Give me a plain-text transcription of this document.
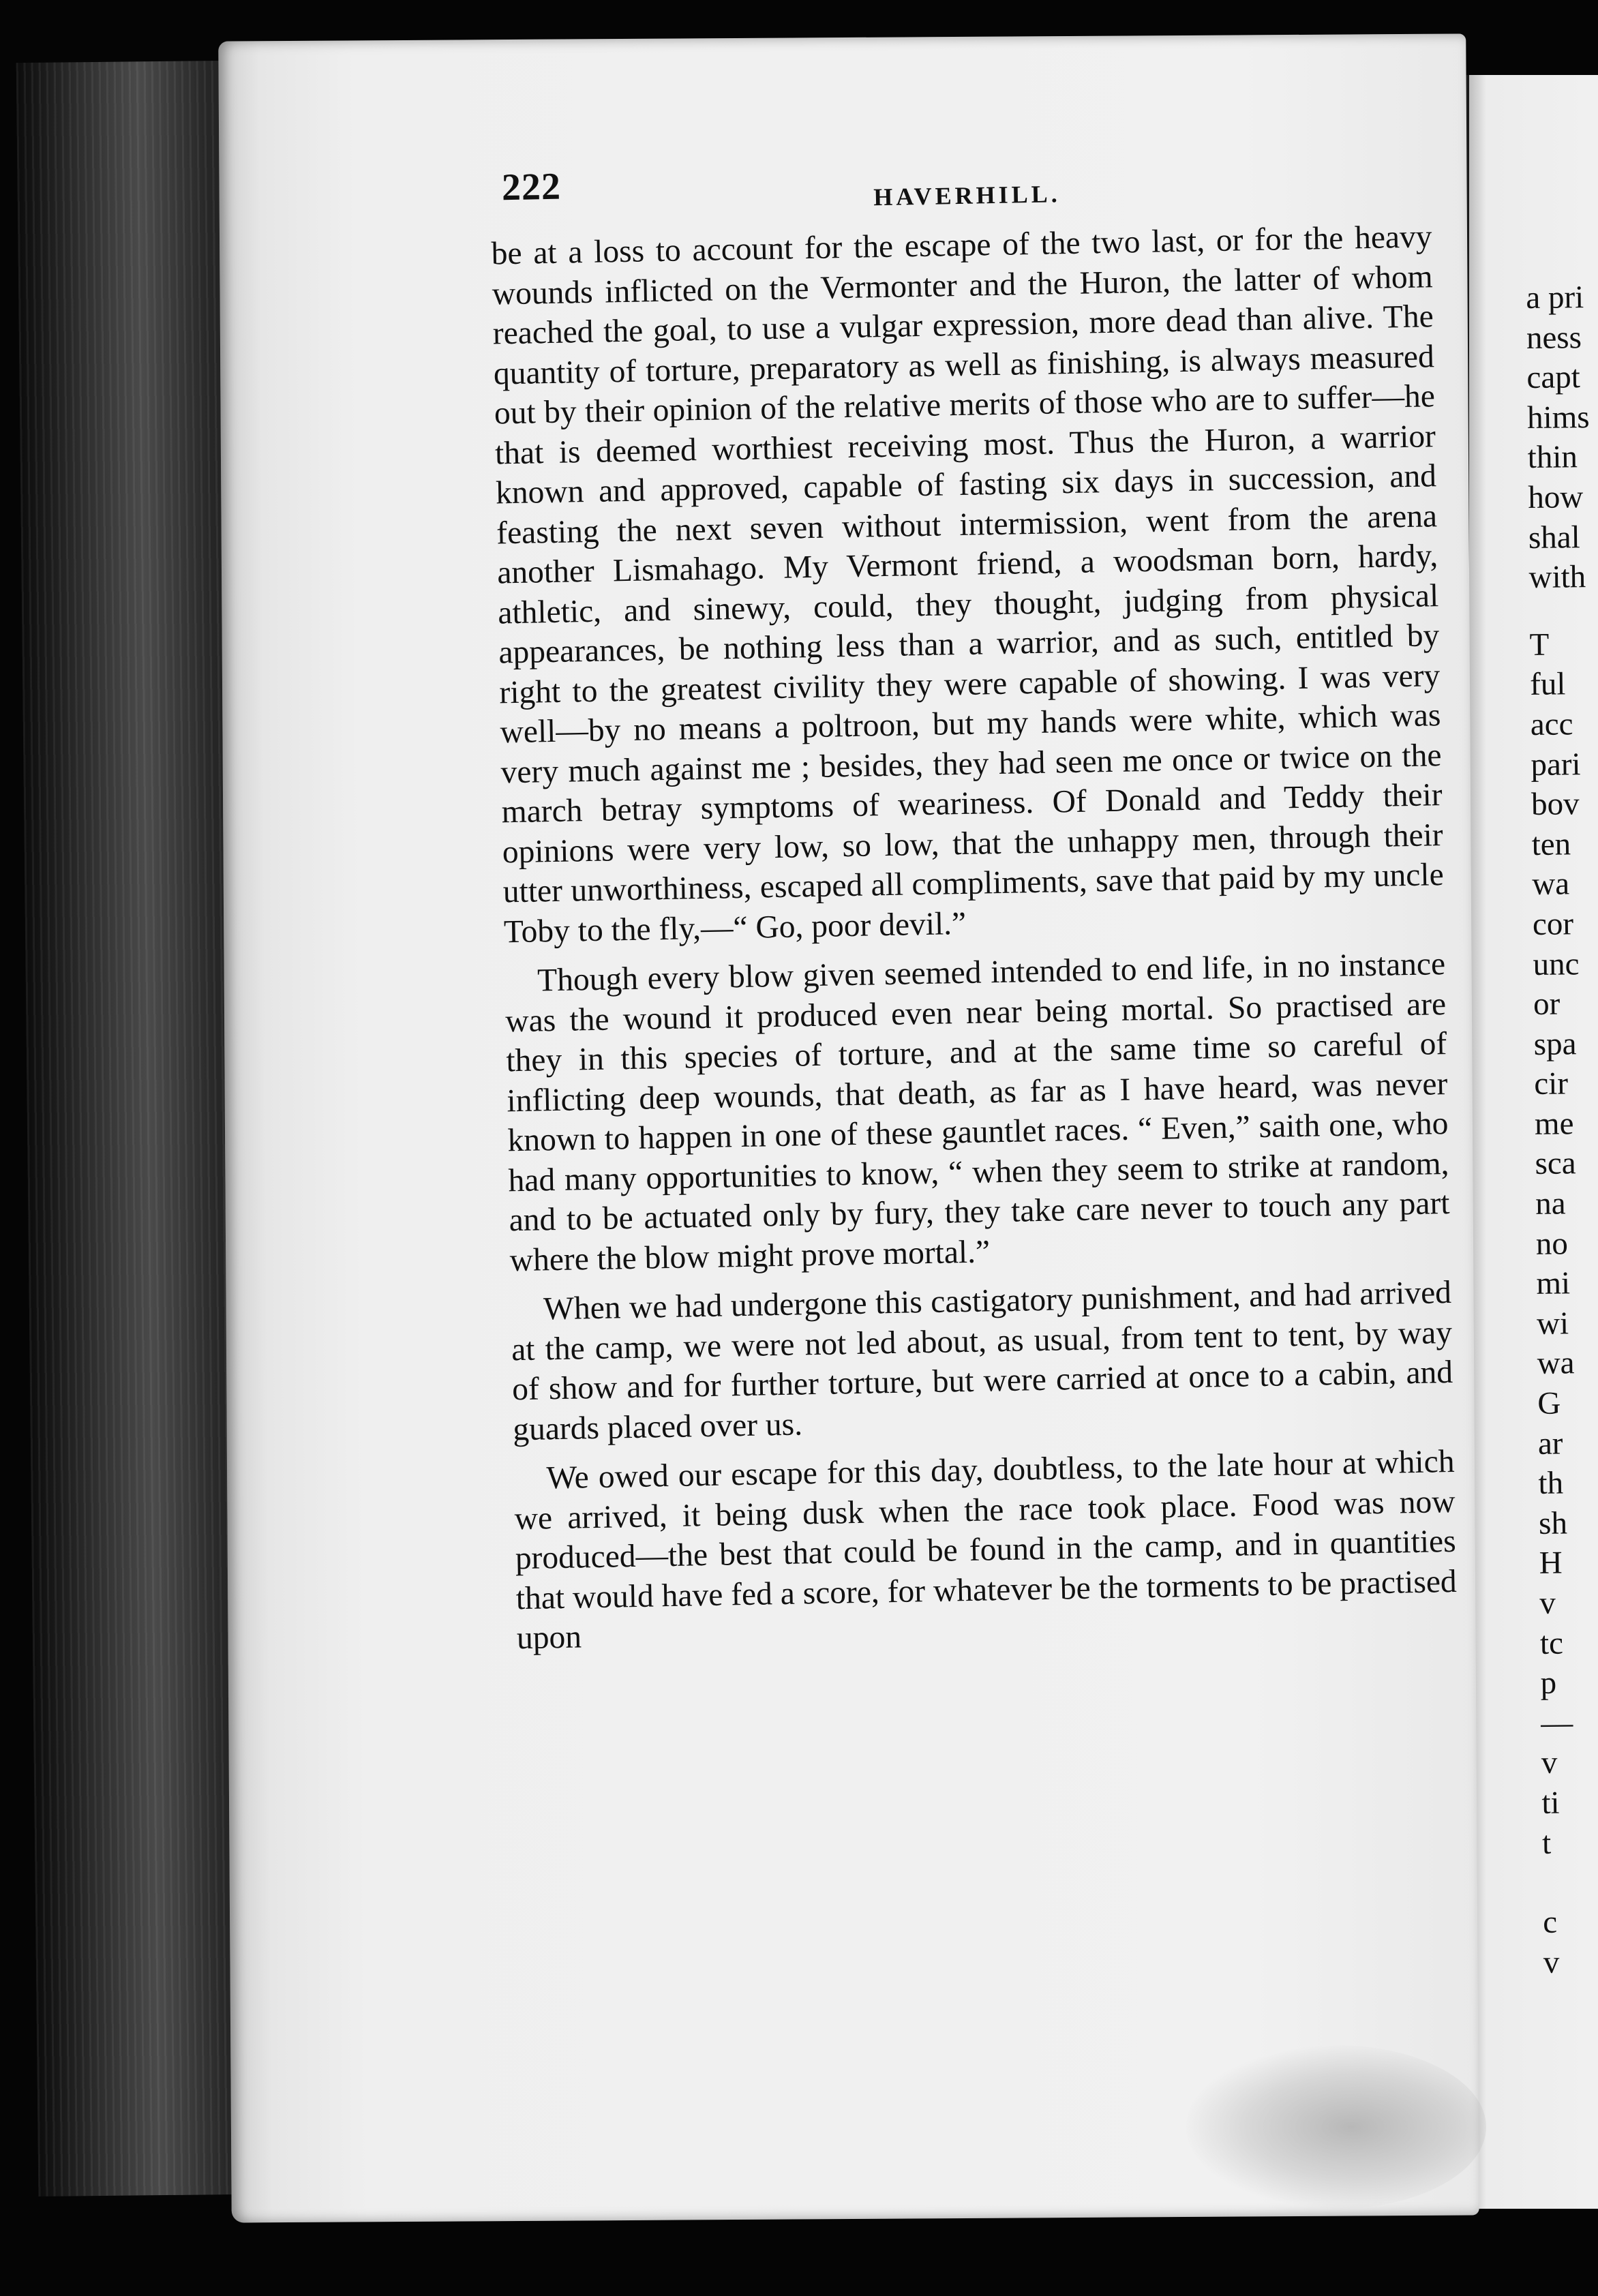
222	HAVERHILL.

be at a loss to account for the escape of the two last, or for the heavy wounds inflicted on the Vermonter and the Huron, the latter of whom reached the goal, to use a vulgar expression, more dead than alive. The quantity of torture, preparatory as well as finishing, is always measured out by their opinion of the relative merits of those who are to suffer—he that is deemed worthiest receiving most. Thus the Huron, a warrior known and approved, capable of fasting six days in succession, and feasting the next seven without intermission, went from the arena another Lismahago. My Vermont friend, a woodsman born, hardy, athletic, and sinewy, could, they thought, judging from physical appearances, be nothing less than a warrior, and as such, entitled by right to the greatest civility they were capable of showing. I was very well—by no means a poltroon, but my hands were white, which was very much against me ; besides, they had seen me once or twice on the march betray symptoms of weariness. Of Donald and Teddy their opinions were very low, so low, that the unhappy men, through their utter unworthiness, escaped all compliments, save that paid by my uncle Toby to the fly,—“ Go, poor devil.”

Though every blow given seemed intended to end life, in no instance was the wound it produced even near being mortal. So practised are they in this species of torture, and at the same time so careful of inflicting deep wounds, that death, as far as I have heard, was never known to happen in one of these gauntlet races. “ Even,” saith one, who had many opportunities to know, “ when they seem to strike at random, and to be actuated only by fury, they take care never to touch any part where the blow might prove mortal.”

When we had undergone this castigatory punishment, and had arrived at the camp, we were not led about, as usual, from tent to tent, by way of show and for further torture, but were carried at once to a cabin, and guards placed over us.

We owed our escape for this day, doubtless, to the late hour at which we arrived, it being dusk when the race took place. Food was now produced—the best that could be found in the camp, and in quantities that would have fed a score, for whatever be the torments to be practised upon

a pri
ness
capt
hims
thin
how
shal
with
T
ful
acc
pari
bov
ten
wa
cor
unc
or
spa
cir
me
sca
na
no
mi
wi
wa
G
ar
th
sh
H
v
tc
p
—
v
ti
t
c
v
